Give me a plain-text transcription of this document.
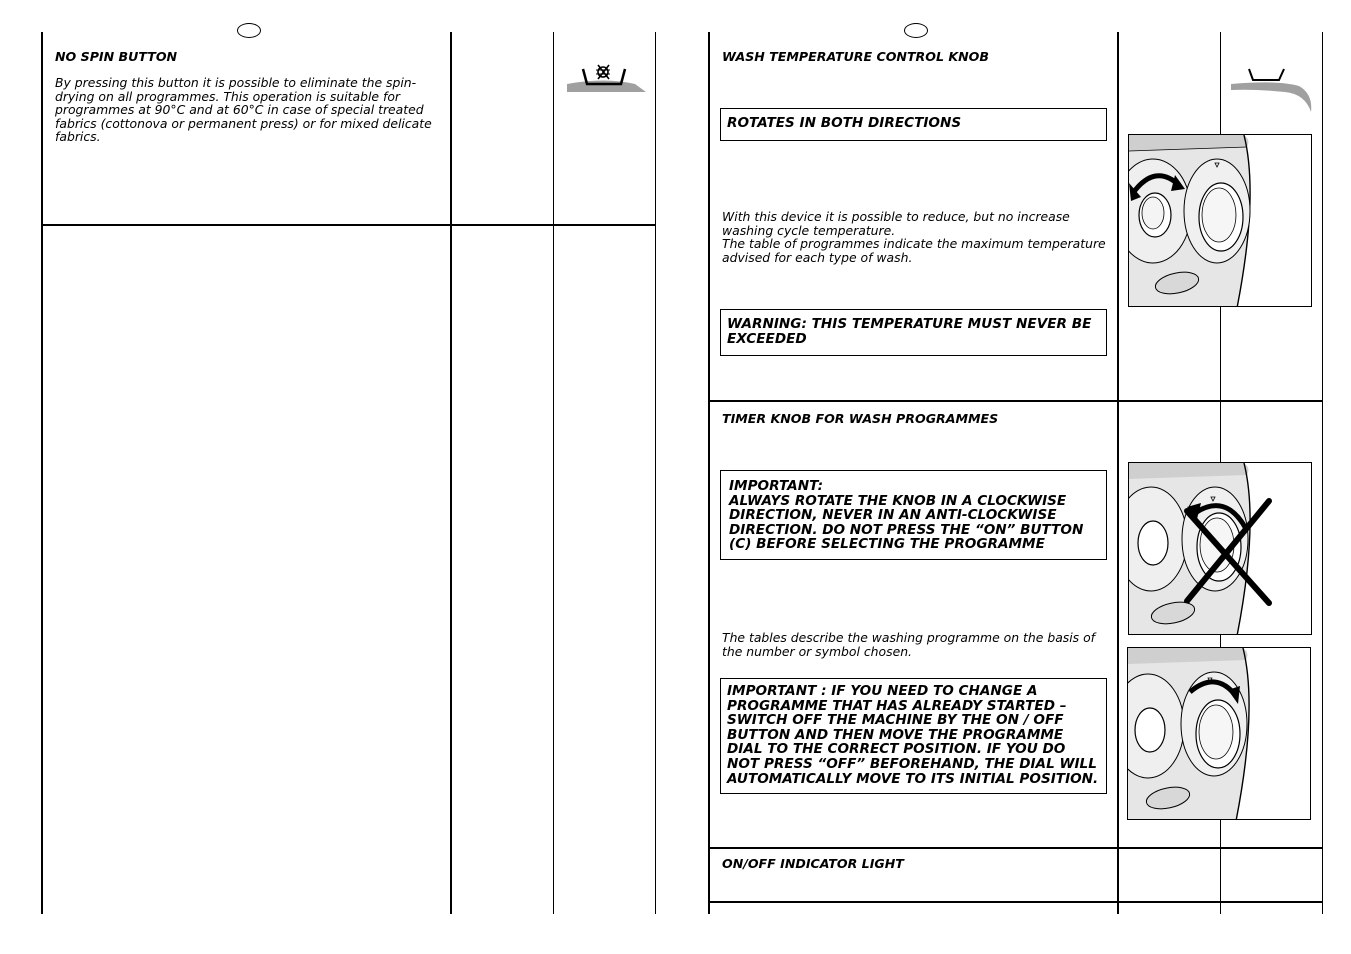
NO SPIN BUTTON
By pressing this button it is possible to eliminate the spin-drying on all programmes. This operation is suitable for programmes at 90°C and at 60°C in case of special treated fabrics (cottonova or permanent press) or for mixed delicate fabrics.
WASH TEMPERATURE CONTROL KNOB
ROTATES IN BOTH DIRECTIONS
With this device it is possible to reduce, but no increase washing cycle temperature.
The table of programmes indicate the maximum temperature advised for each type of wash.
WARNING: THIS TEMPERATURE MUST NEVER BE EXCEEDED
TIMER KNOB FOR WASH PROGRAMMES
IMPORTANT:
ALWAYS ROTATE THE KNOB IN A CLOCKWISE DIRECTION, NEVER IN AN ANTI-CLOCKWISE DIRECTION. DO NOT PRESS THE “ON” BUTTON (C) BEFORE SELECTING THE PROGRAMME
The tables describe the washing programme on the basis of the number or symbol chosen.
IMPORTANT : IF YOU NEED TO CHANGE A PROGRAMME THAT HAS ALREADY STARTED – SWITCH OFF THE MACHINE BY THE ON / OFF BUTTON AND THEN MOVE THE PROGRAMME DIAL TO THE CORRECT POSITION. IF YOU DO NOT PRESS “OFF” BEFOREHAND, THE DIAL WILL AUTOMATICALLY MOVE TO ITS INITIAL POSITION.
ON/OFF INDICATOR LIGHT
